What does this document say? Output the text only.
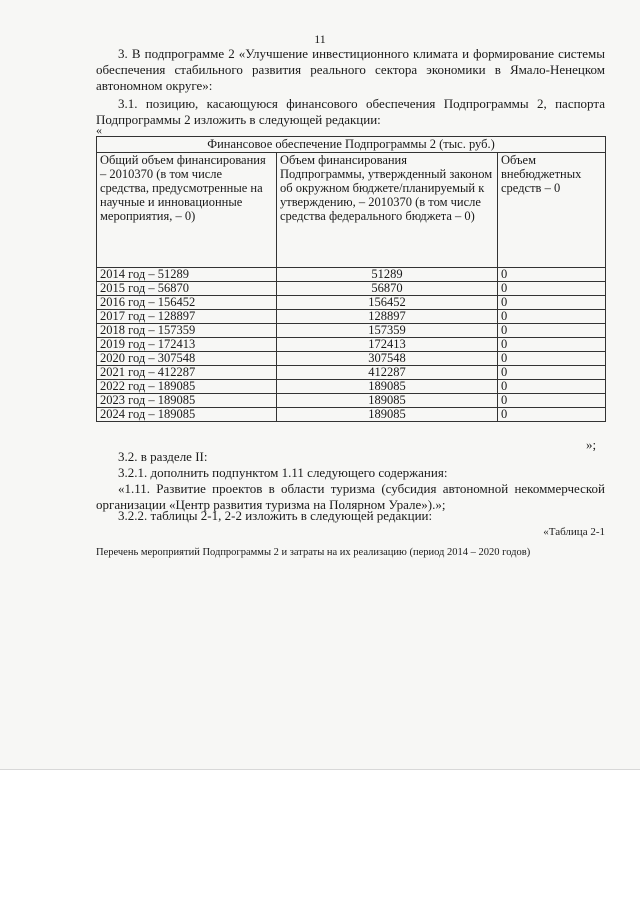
11
3. В подпрограмме 2 «Улучшение инвестиционного климата и формирование системы обеспечения стабильного развития реального сектора экономики в Ямало-Ненецком автономном округе»:
3.1. позицию, касающуюся финансового обеспечения Подпрограммы 2, паспорта Подпрограммы 2 изложить в следующей редакции:
«
Финансовое обеспечение Подпрограммы 2 (тыс. руб.)		
Общий объем финансирования – 2010370 (в том числе средства, предусмотренные на научные и инновационные мероприятия, – 0)	Объем финансирования Подпрограммы, утвержденный законом об окружном бюджете/планируемый к утверждению, – 2010370 (в том числе средства федерального бюджета – 0)	Объем внебюджетных средств – 0
2014 год – 51289	51289	0
2015 год – 56870	56870	0
2016 год – 156452	156452	0
2017 год – 128897	128897	0
2018 год – 157359	157359	0
2019 год – 172413	172413	0
2020 год – 307548	307548	0
2021 год – 412287	412287	0
2022 год – 189085	189085	0
2023 год – 189085	189085	0
2024 год – 189085	189085	0
»;
3.2. в разделе II:
3.2.1. дополнить подпунктом 1.11 следующего содержания:
«1.11. Развитие проектов в области туризма (субсидия автономной некоммерческой организации «Центр развития туризма на Полярном Урале»).»;
3.2.2. таблицы 2-1, 2-2 изложить в следующей редакции:
«Таблица 2-1
Перечень мероприятий Подпрограммы 2 и затраты на их реализацию (период 2014 – 2020 годов)
